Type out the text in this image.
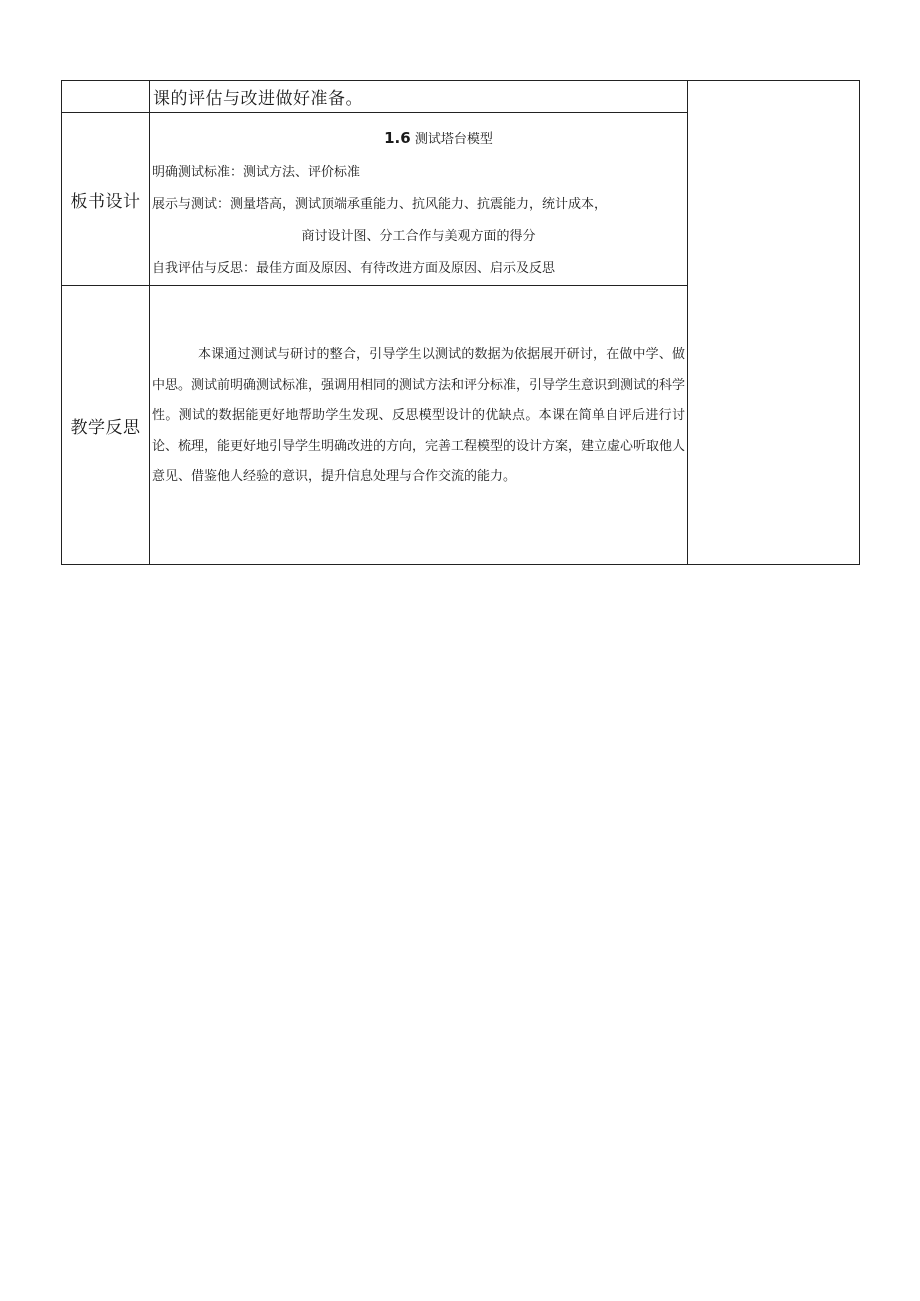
	课的评估与改进做好准备。	

板书设计	1.6 测试塔台模型
明确测试标准：测试方法、评价标准
展示与测试：测量塔高，测试顶端承重能力、抗风能力、抗震能力，统计成本，
商讨设计图、分工合作与美观方面的得分
自我评估与反思：最佳方面及原因、有待改进方面及原因、启示及反思	

教学反思	本课通过测试与研讨的整合，引导学生以测试的数据为依据展开研讨，在做中学、做中思。测试前明确测试标准，强调用相同的测试方法和评分标准，引导学生意识到测试的科学性。测试的数据能更好地帮助学生发现、反思模型设计的优缺点。本课在简单自评后进行讨论、梳理，能更好地引导学生明确改进的方向，完善工程模型的设计方案，建立虚心听取他人意见、借鉴他人经验的意识，提升信息处理与合作交流的能力。	
